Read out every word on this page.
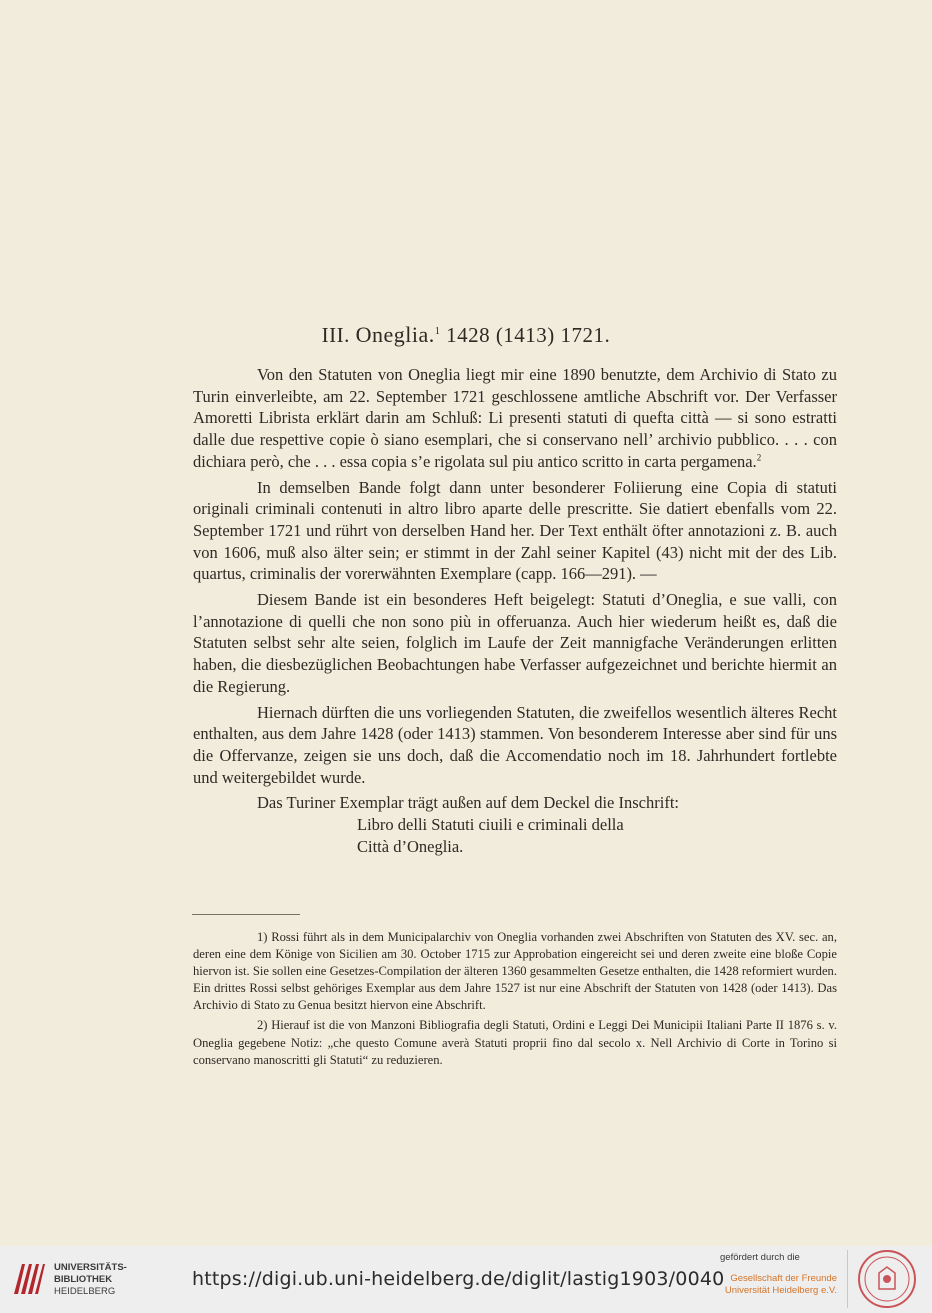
III. Oneglia.$^1$ 1428 (1413) 1721.

Von den Statuten von Oneglia liegt mir eine 1890 benutzte, dem Archivio di Stato zu Turin einverleibte, am 22. September 1721 geschlossene amtliche Abschrift vor. Der Verfasser Amoretti Librista erklärt darin am Schluß: Li presenti statuti di quefta città — si sono estratti dalle due respettive copie ò siano esemplari, che si conservano nell’ archivio pubblico. . . . con dichiara però, che . . . essa copia s’e rigolata sul piu antico scritto in carta pergamena.$^2$

In demselben Bande folgt dann unter besonderer Foliierung eine Copia di statuti originali criminali contenuti in altro libro aparte delle prescritte. Sie datiert ebenfalls vom 22. September 1721 und rührt von derselben Hand her. Der Text enthält öfter annotazioni z. B. auch von 1606, muß also älter sein; er stimmt in der Zahl seiner Kapitel (43) nicht mit der des Lib. quartus, criminalis der vorerwähnten Exemplare (capp. 166—291). —

Diesem Bande ist ein besonderes Heft beigelegt: Statuti d’Oneglia, e sue valli, con l’annotazione di quelli che non sono più in offeruanza. Auch hier wiederum heißt es, daß die Statuten selbst sehr alte seien, folglich im Laufe der Zeit mannigfache Veränderungen erlitten haben, die diesbezüglichen Beobachtungen habe Verfasser aufgezeichnet und berichte hiermit an die Regierung.

Hiernach dürften die uns vorliegenden Statuten, die zweifellos wesentlich älteres Recht enthalten, aus dem Jahre 1428 (oder 1413) stammen. Von besonderem Interesse aber sind für uns die Offervanze, zeigen sie uns doch, daß die Accomendatio noch im 18. Jahrhundert fortlebte und weitergebildet wurde.

Das Turiner Exemplar trägt außen auf dem Deckel die Inschrift:

Libro delli Statuti ciuili e criminali della
Città d’Oneglia.

1) Rossi führt als in dem Municipalarchiv von Oneglia vorhanden zwei Abschriften von Statuten des XV. sec. an, deren eine dem Könige von Sicilien am 30. October 1715 zur Approbation eingereicht sei und deren zweite eine bloße Copie hiervon ist. Sie sollen eine Gesetzes-Compilation der älteren 1360 gesammelten Gesetze enthalten, die 1428 reformiert wurden. Ein drittes Rossi selbst gehöriges Exemplar aus dem Jahre 1527 ist nur eine Abschrift der Statuten von 1428 (oder 1413). Das Archivio di Stato zu Genua besitzt hiervon eine Abschrift.

2) Hierauf ist die von Manzoni Bibliografia degli Statuti, Ordini e Leggi Dei Municipii Italiani Parte II 1876 s. v. Oneglia gegebene Notiz: „che questo Comune averà Statuti proprii fino dal secolo x. Nell Archivio di Corte in Torino si conservano manoscritti gli Statuti“ zu reduzieren.

UNIVERSITÄTS-
BIBLIOTHEK
HEIDELBERG
https://digi.ub.uni-heidelberg.de/diglit/lastig1903/0040
gefördert durch die
Gesellschaft der Freunde
Universität Heidelberg e.V.
